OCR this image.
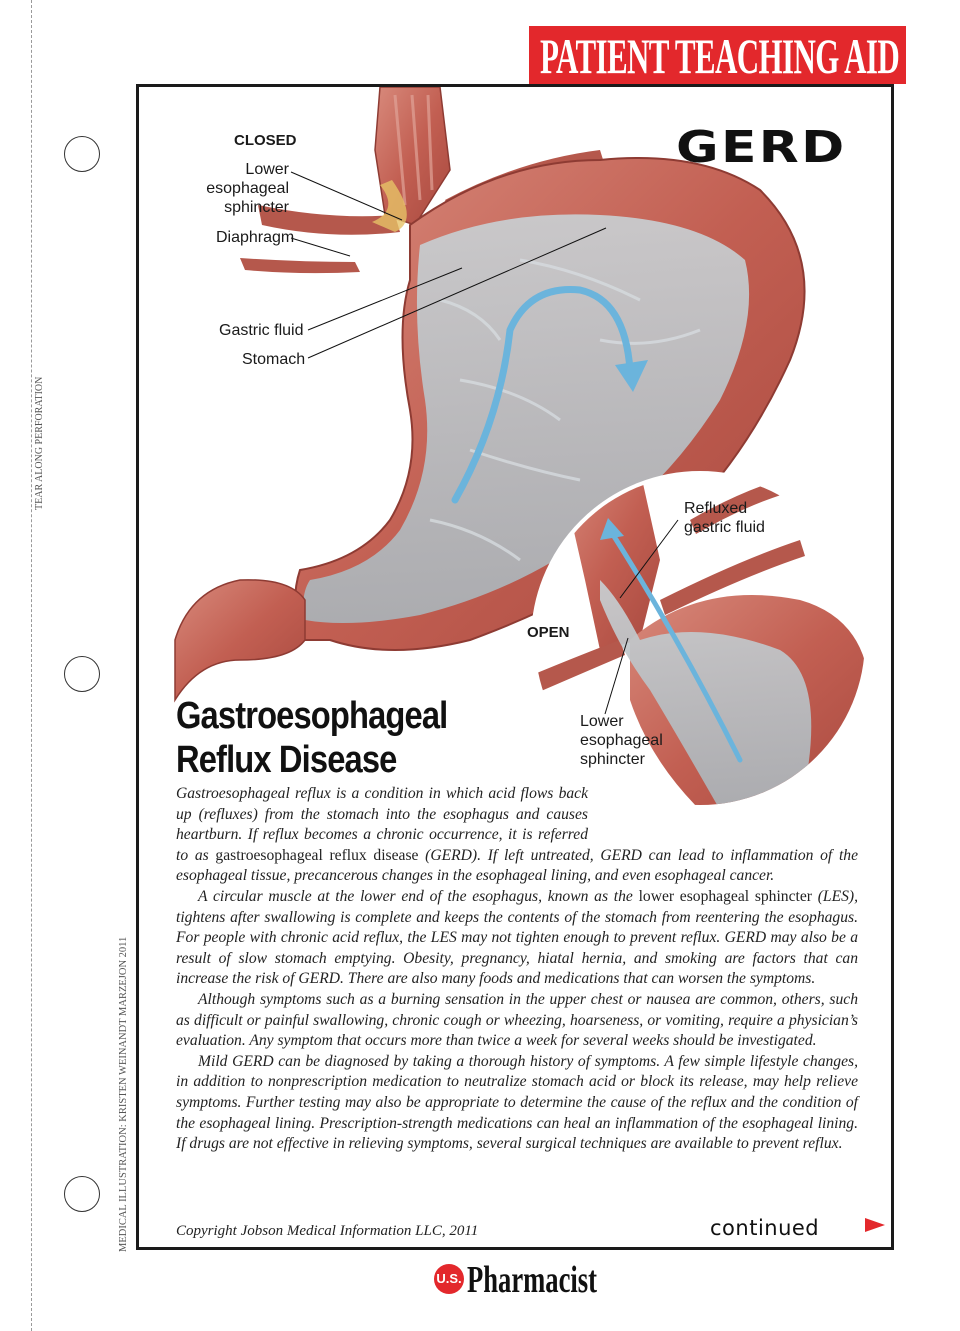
TEAR ALONG PERFORATION
MEDICAL ILLUSTRATION: KRISTEN WEINANDT MARZEJON 2011
PATIENT TEACHING AID
CLOSED
Lower
esophageal
sphincter
Diaphragm
Gastric fluid
Stomach
Refluxed
gastric fluid
OPEN
Lower
esophageal
sphincter
GERD
Gastroesophageal
Reflux Disease

Gastroesophageal reflux is a condition in which acid flows back up (refluxes) from the stomach into the esophagus and causes heartburn. If reflux becomes a chronic occurrence, it is referred to as gastroesophageal reflux disease (GERD). If left untreated, GERD can lead to inflammation of the esophageal tissue, precancerous changes in the esophageal lining, and even esophageal cancer.

A circular muscle at the lower end of the esophagus, known as the lower esophageal sphincter (LES), tightens after swallowing is complete and keeps the contents of the stomach from reentering the esophagus. For people with chronic acid reflux, the LES may not tighten enough to prevent reflux. GERD may also be a result of slow stomach emptying. Obesity, pregnancy, hiatal hernia, and smoking are factors that can increase the risk of GERD. There are also many foods and medications that can worsen the symptoms.

Although symptoms such as a burning sensation in the upper chest or nausea are common, others, such as difficult or painful swallowing, chronic cough or wheezing, hoarseness, or vomiting, require a physician’s evaluation. Any symptom that occurs more than twice a week for several weeks should be investigated.

Mild GERD can be diagnosed by taking a thorough history of symptoms. A few simple lifestyle changes, in addition to nonprescription medication to neutralize stomach acid or block its release, may help relieve symptoms. Further testing may also be appropriate to determine the cause of the reflux and the condition of the esophageal lining. Prescription-strength medications can heal an inflammation of the esophageal lining. If drugs are not effective in relieving symptoms, several surgical techniques are available to prevent reflux.

Copyright Jobson Medical Information LLC, 2011	continued
U.S. Pharmacist
